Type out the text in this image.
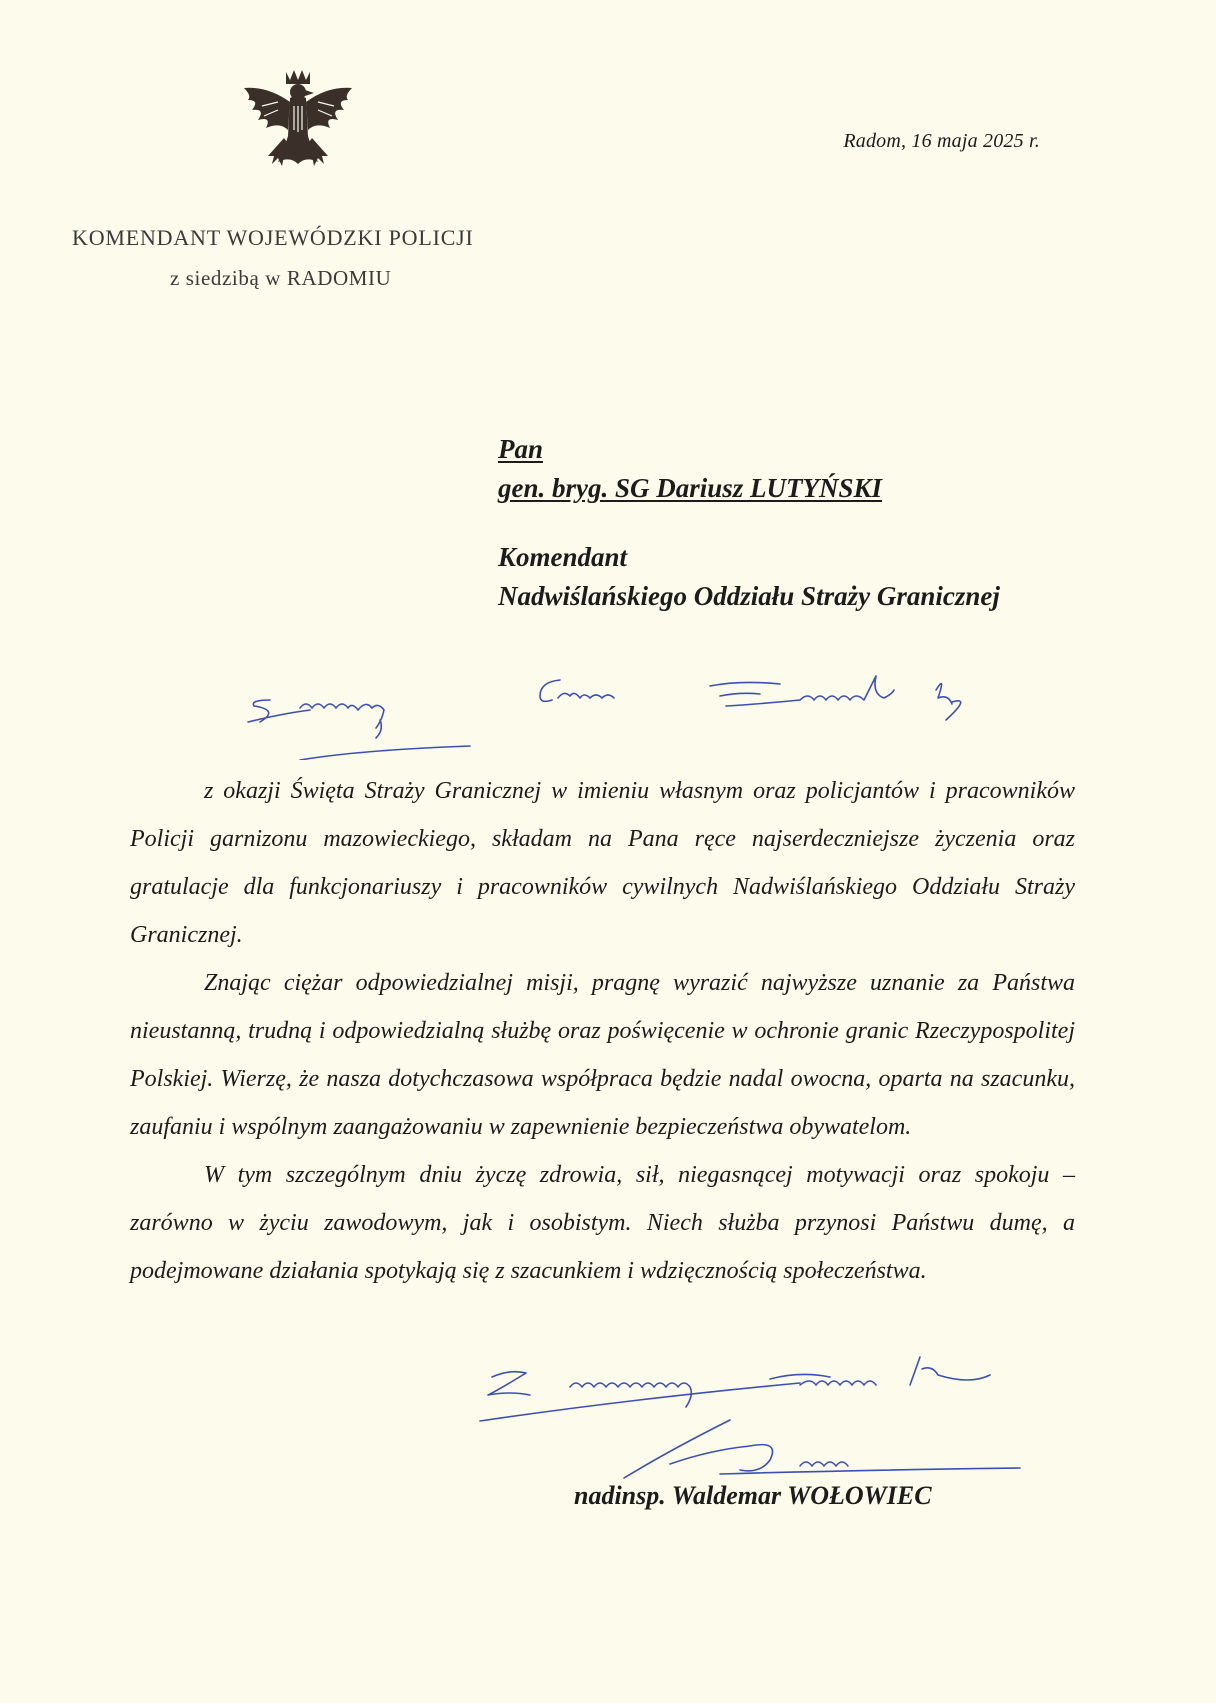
Radom, 16 maja 2025 r.
KOMENDANT WOJEWÓDZKI POLICJI
z siedzibą w RADOMIU
Pan
gen. bryg. SG Dariusz LUTYŃSKI
Komendant
Nadwiślańskiego Oddziału Straży Granicznej

z okazji Święta Straży Granicznej w imieniu własnym oraz policjantów i pracowników Policji garnizonu mazowieckiego, składam na Pana ręce najserdeczniejsze życzenia oraz gratulacje dla funkcjonariuszy i pracowników cywilnych Nadwiślańskiego Oddziału Straży Granicznej.

Znając ciężar odpowiedzialnej misji, pragnę wyrazić najwyższe uznanie za Państwa nieustanną, trudną i odpowiedzialną służbę oraz poświęcenie w ochronie granic Rzeczypospolitej Polskiej. Wierzę, że nasza dotychczasowa współpraca będzie nadal owocna, oparta na szacunku, zaufaniu i wspólnym zaangażowaniu w zapewnienie bezpieczeństwa obywatelom.

W tym szczególnym dniu życzę zdrowia, sił, niegasnącej motywacji oraz spokoju – zarówno w życiu zawodowym, jak i osobistym. Niech służba przynosi Państwu dumę, a podejmowane działania spotykają się z szacunkiem i wdzięcznością społeczeństwa.

nadinsp. Waldemar WOŁOWIEC
